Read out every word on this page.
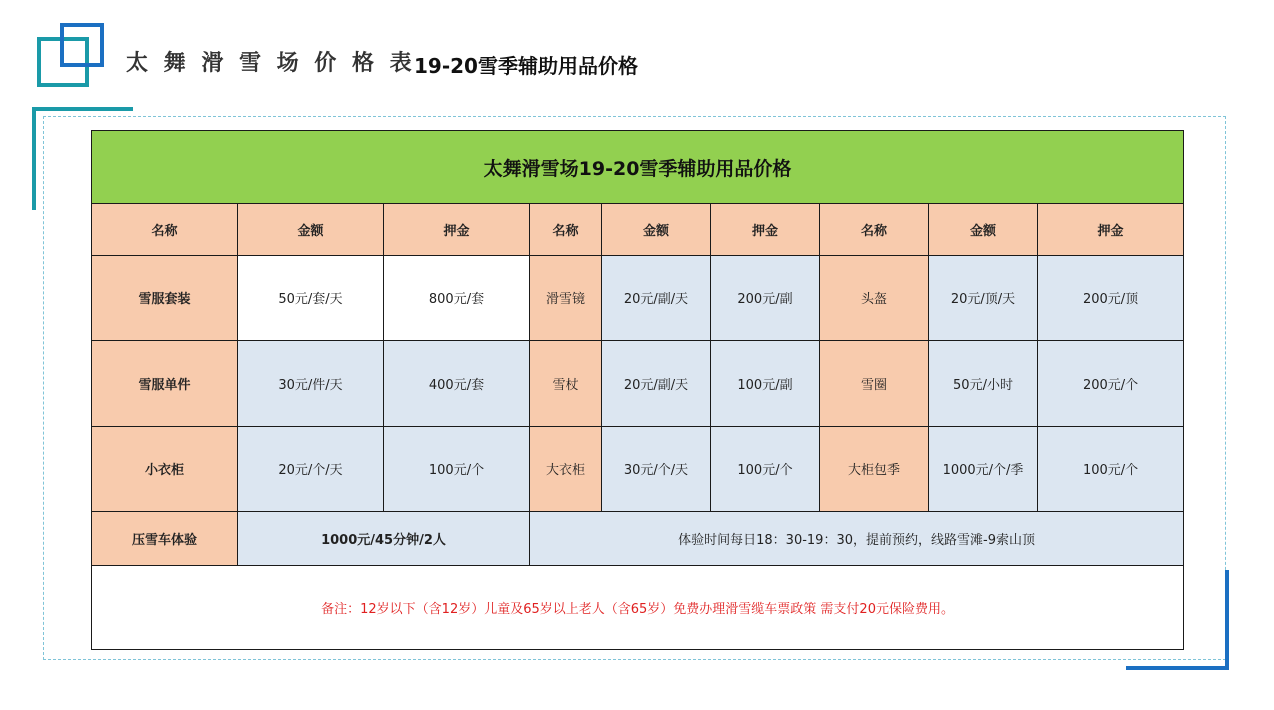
太 舞 滑 雪 场 价 格 表
19-20雪季辅助用品价格
太舞滑雪场19-20雪季辅助用品价格								
名称	金额	押金	名称	金额	押金	名称	金额	押金
雪服套装	50元/套/天	800元/套	滑雪镜	20元/副/天	200元/副	头盔	20元/顶/天	200元/顶
雪服单件	30元/件/天	400元/套	雪杖	20元/副/天	100元/副	雪圈	50元/小时	200元/个
小衣柜	20元/个/天	100元/个	大衣柜	30元/个/天	100元/个	大柜包季	1000元/个/季	100元/个
压雪车体验	1000元/45分钟/2人		体验时间每日18：30-19：30，提前预约，线路雪滩-9索山顶					
备注：12岁以下（含12岁）儿童及65岁以上老人（含65岁）免费办理滑雪缆车票政策 需支付20元保险费用。								
